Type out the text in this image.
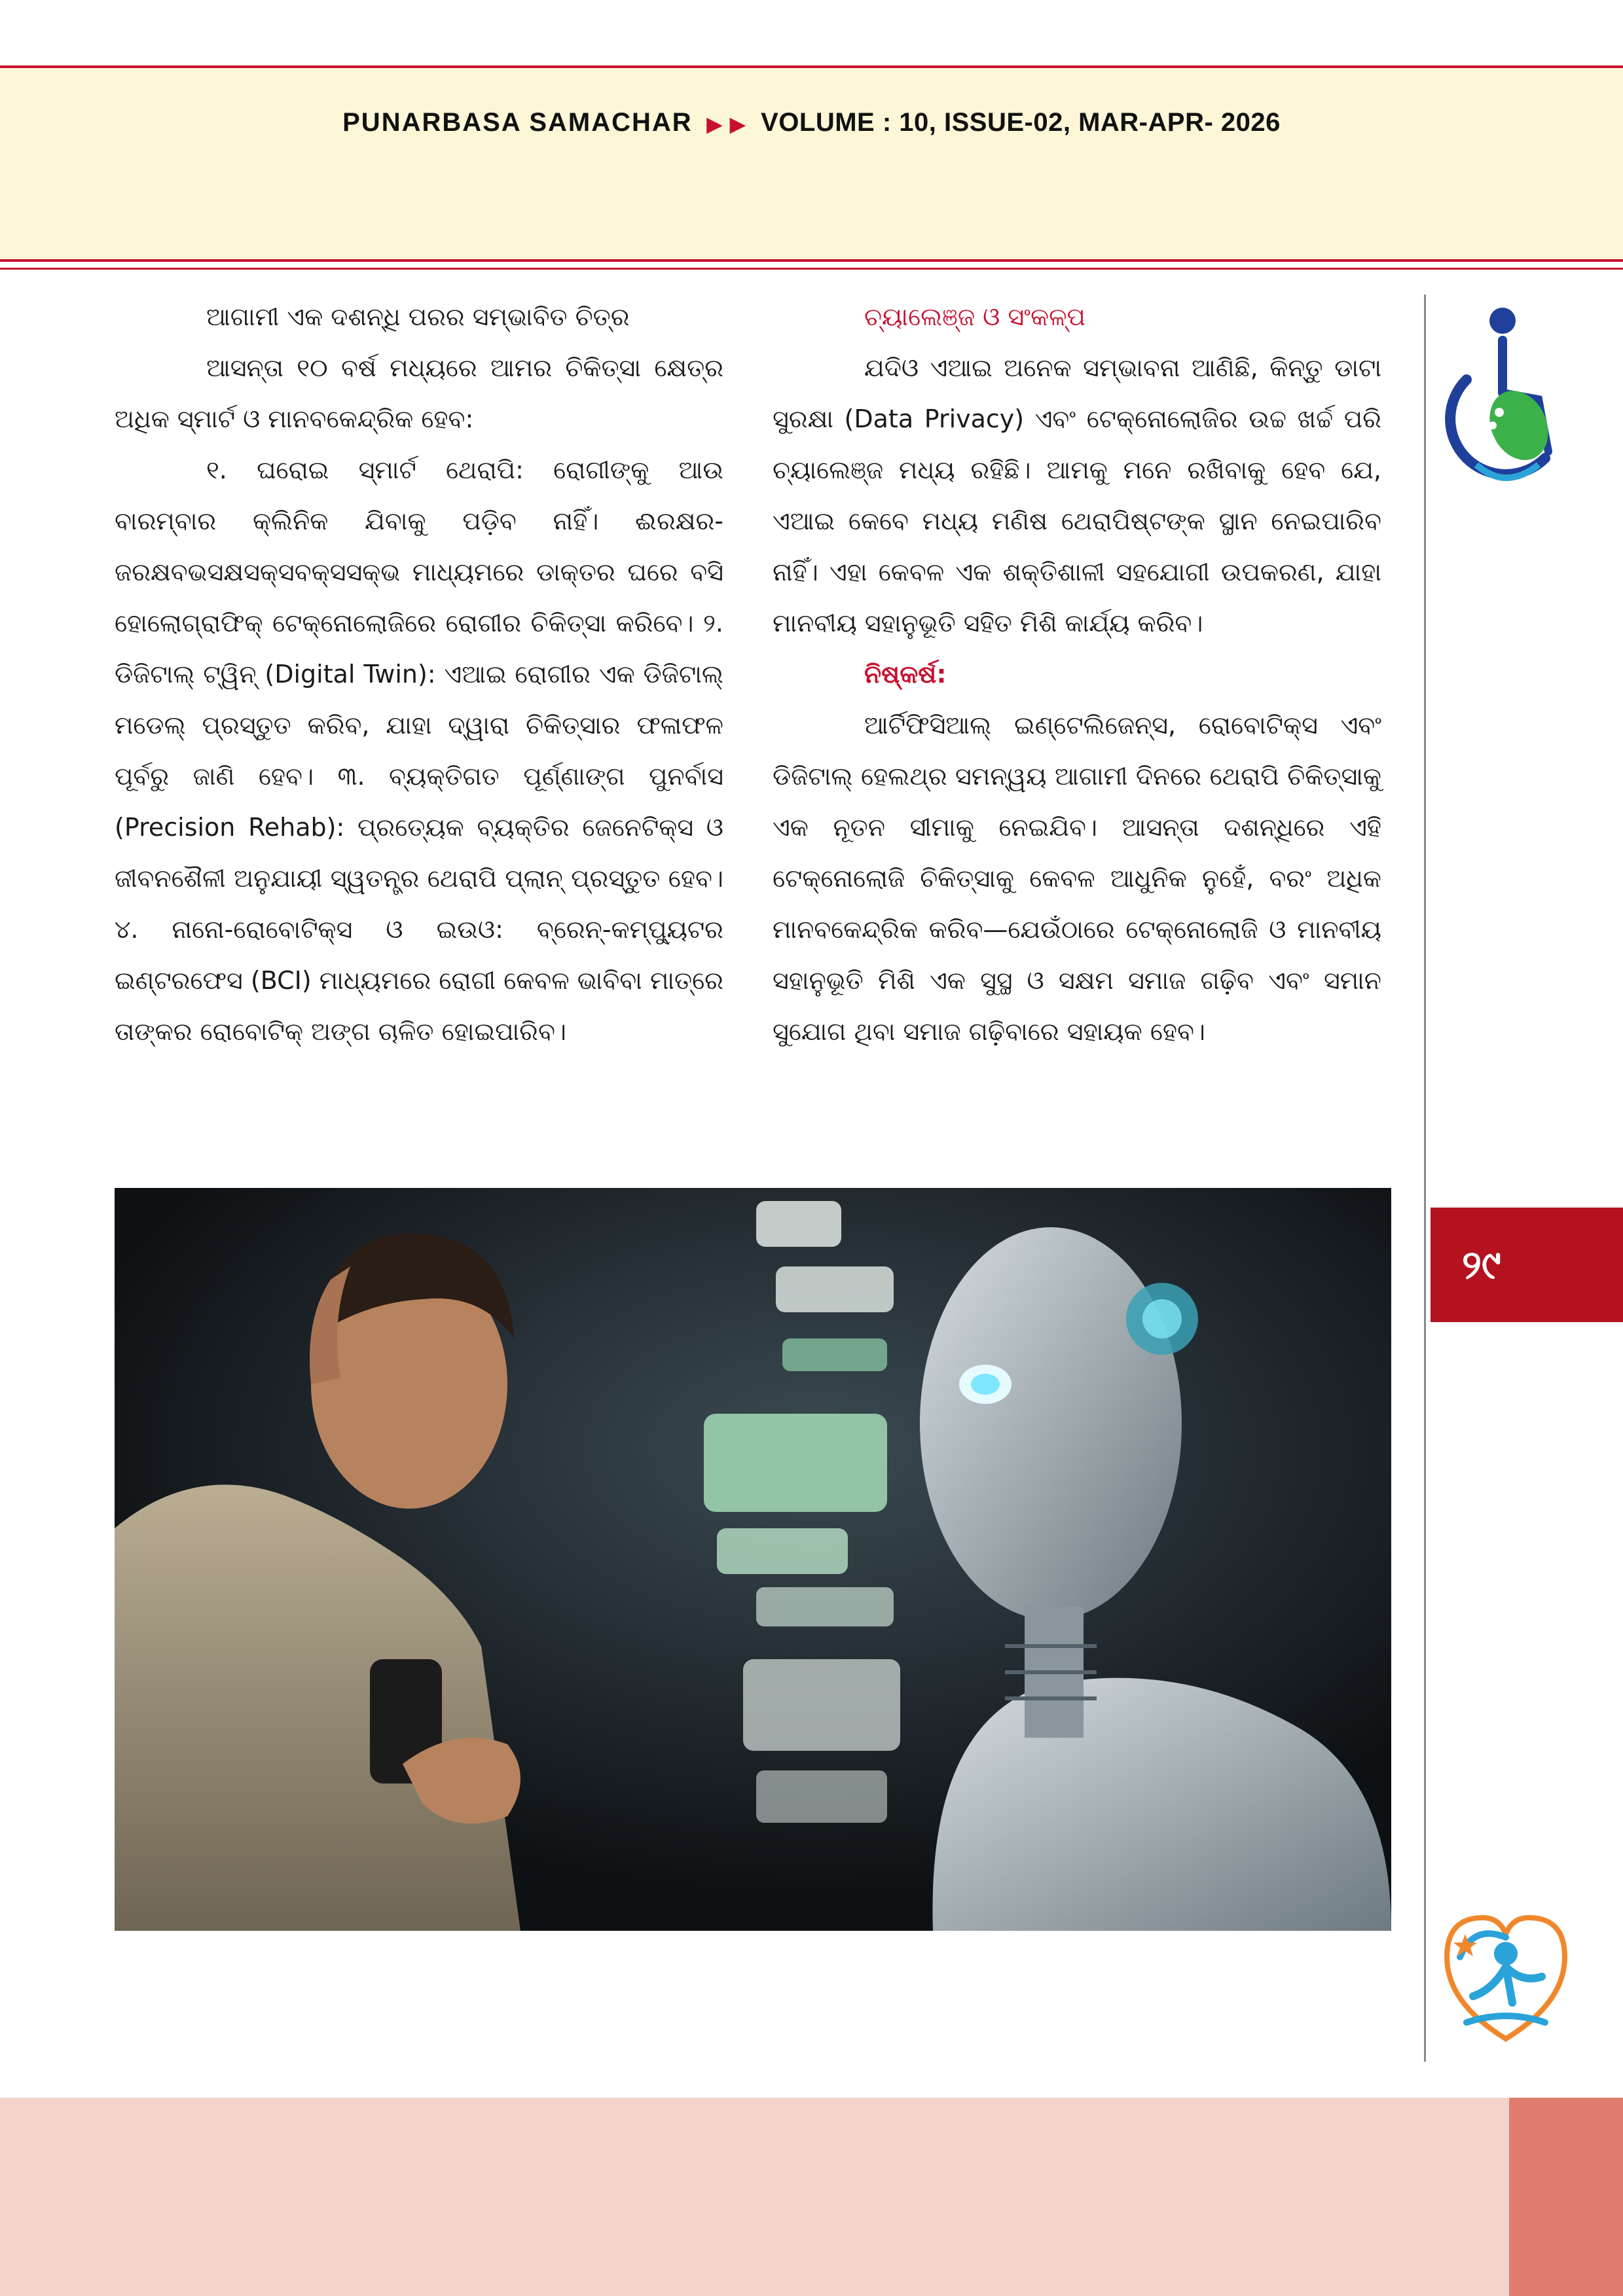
PUNARBASA SAMACHAR ▶ ▶ VOLUME : 10, ISSUE-02, MAR-APR- 2026

ଆଗାମୀ ଏକ ଦଶନ୍ଧି ପରର ସମ୍ଭାବିତ ଚିତ୍ର

ଆସନ୍ତା ୧୦ ବର୍ଷ ମଧ୍ୟରେ ଆମର ଚିକିତ୍ସା କ୍ଷେତ୍ର ଅଧିକ ସ୍ମାର୍ଟ ଓ ମାନବକେନ୍ଦ୍ରିକ ହେବ:

୧. ଘରୋଇ ସ୍ମାର୍ଟ ଥେରାପି: ରୋଗୀଙ୍କୁ ଆଉ ବାରମ୍ବାର କ୍ଲିନିକ ଯିବାକୁ ପଡ଼ିବ ନାହିଁ। ଈରକ୍ଷର-ଜରକ୍ଷବଭସକ୍ଷସକ୍ସବକ୍ସସକ୍ଭ ମାଧ୍ୟମରେ ଡାକ୍ତର ଘରେ ବସି ହୋଲୋଗ୍ରାଫିକ୍ ଟେକ୍ନୋଲୋଜିରେ ରୋଗୀର ଚିକିତ୍ସା କରିବେ। ୨. ଡିଜିଟାଲ୍ ଟ୍ୱିନ୍ (Digital Twin): ଏଆଇ ରୋଗୀର ଏକ ଡିଜିଟାଲ୍ ମଡେଲ୍ ପ୍ରସ୍ତୁତ କରିବ, ଯାହା ଦ୍ୱାରା ଚିକିତ୍ସାର ଫଳାଫଳ ପୂର୍ବରୁ ଜାଣି ହେବ। ୩. ବ୍ୟକ୍ତିଗତ ପୂର୍ଣ୍ଣାଙ୍ଗ ପୁନର୍ବାସ (Precision Rehab): ପ୍ରତ୍ୟେକ ବ୍ୟକ୍ତିର ଜେନେଟିକ୍ସ ଓ ଜୀବନଶୈଳୀ ଅନୁଯାୟୀ ସ୍ୱତନ୍ତ୍ର ଥେରାପି ପ୍ଲାନ୍ ପ୍ରସ୍ତୁତ ହେବ। ୪. ନାନୋ-ରୋବୋଟିକ୍ସ ଓ ଇଉଓ: ବ୍ରେନ୍-କମ୍ପ୍ୟୁଟର ଇଣ୍ଟରଫେସ (BCI) ମାଧ୍ୟମରେ ରୋଗୀ କେବଳ ଭାବିବା ମାତ୍ରେ ତାଙ୍କର ରୋବୋଟିକ୍ ଅଙ୍ଗ ଚାଳିତ ହୋଇପାରିବ।

ଚ୍ୟାଲେଞ୍ଜ ଓ ସଂକଳ୍ପ

ଯଦିଓ ଏଆଇ ଅନେକ ସମ୍ଭାବନା ଆଣିଛି, କିନ୍ତୁ ଡାଟା ସୁରକ୍ଷା (Data Privacy) ଏବଂ ଟେକ୍ନୋଲୋଜିର ଉଚ୍ଚ ଖର୍ଚ୍ଚ ପରି ଚ୍ୟାଲେଞ୍ଜ ମଧ୍ୟ ରହିଛି। ଆମକୁ ମନେ ରଖିବାକୁ ହେବ ଯେ, ଏଆଇ କେବେ ମଧ୍ୟ ମଣିଷ ଥେରାପିଷ୍ଟଙ୍କ ସ୍ଥାନ ନେଇପାରିବ ନାହିଁ। ଏହା କେବଳ ଏକ ଶକ୍ତିଶାଳୀ ସହଯୋଗୀ ଉପକରଣ, ଯାହା ମାନବୀୟ ସହାନୁଭୂତି ସହିତ ମିଶି କାର୍ଯ୍ୟ କରିବ।

ନିଷ୍କର୍ଷ:

ଆର୍ଟିଫିସିଆଲ୍ ଇଣ୍ଟେଲିଜେନ୍ସ, ରୋବୋଟିକ୍ସ ଏବଂ ଡିଜିଟାଲ୍ ହେଲଥ୍ର ସମନ୍ୱୟ ଆଗାମୀ ଦିନରେ ଥେରାପି ଚିକିତ୍ସାକୁ ଏକ ନୂତନ ସୀମାକୁ ନେଇଯିବ। ଆସନ୍ତା ଦଶନ୍ଧିରେ ଏହି ଟେକ୍ନୋଲୋଜି ଚିକିତ୍ସାକୁ କେବଳ ଆଧୁନିକ ନୁହେଁ, ବରଂ ଅଧିକ ମାନବକେନ୍ଦ୍ରିକ କରିବ—ଯେଉଁଠାରେ ଟେକ୍ନୋଲୋଜି ଓ ମାନବୀୟ ସହାନୁଭୂତି ମିଶି ଏକ ସୁସ୍ଥ ଓ ସକ୍ଷମ ସମାଜ ଗଢ଼ିବ ଏବଂ ସମାନ ସୁଯୋଗ ଥିବା ସମାଜ ଗଢ଼ିବାରେ ସହାୟକ ହେବ।

୨୯
